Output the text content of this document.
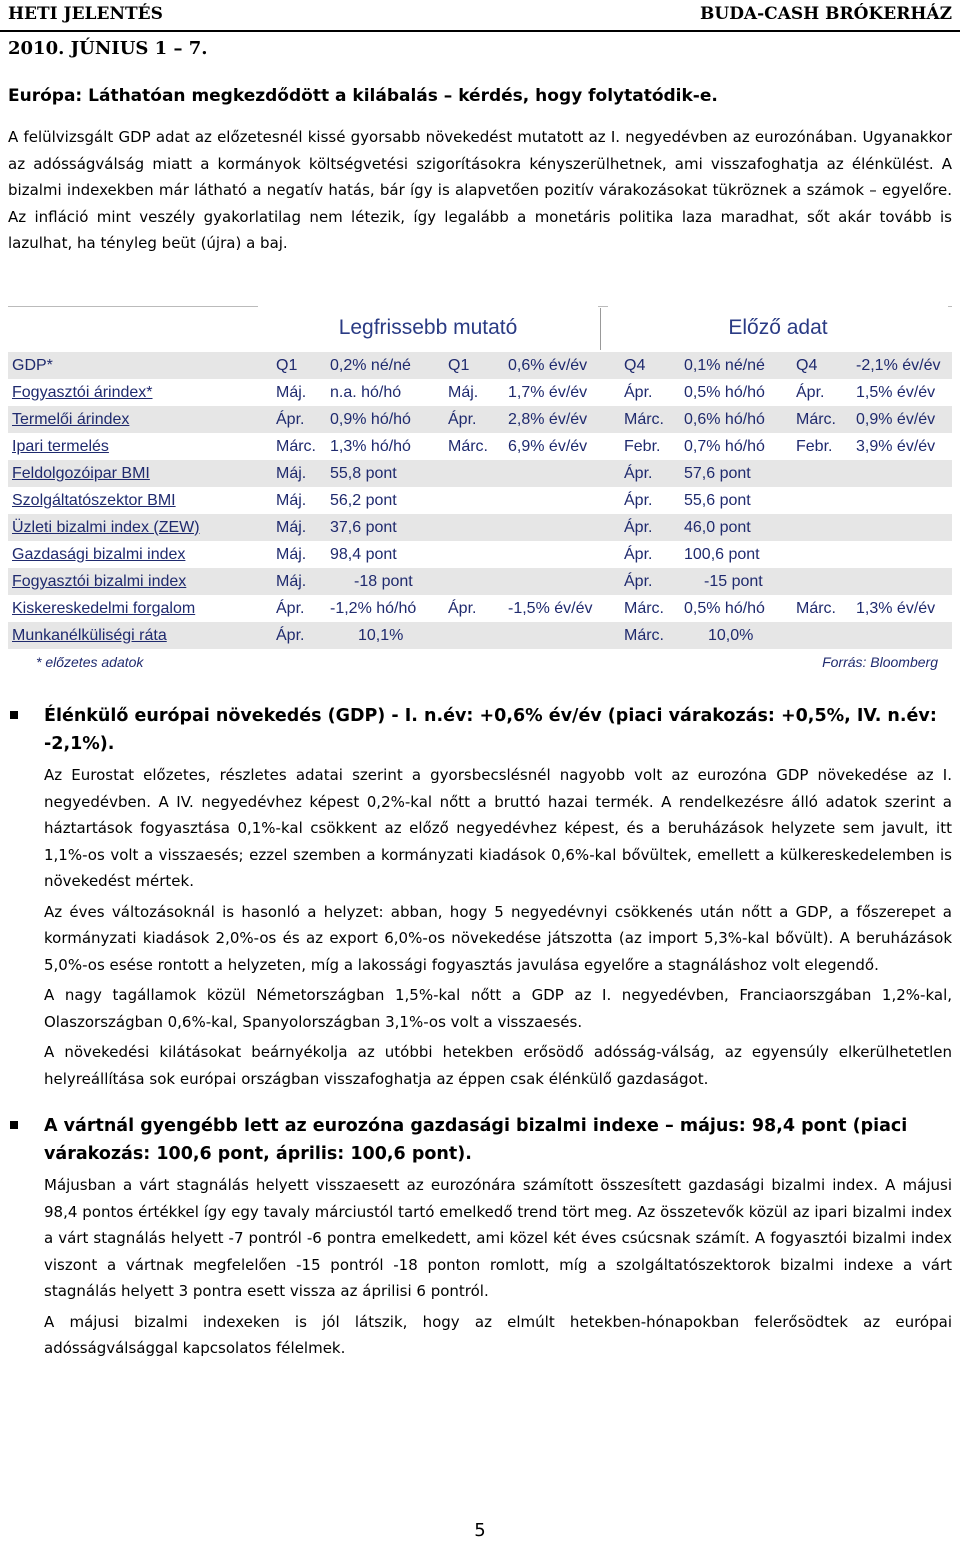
HETI JELENTÉS	BUDA-CASH BRÓKERHÁZ
2010. JÚNIUS 1 – 7.
Európa: Láthatóan megkezdődött a kilábalás – kérdés, hogy folytatódik-e.
A felülvizsgált GDP adat az előzetesnél kissé gyorsabb növekedést mutatott az I. negyedévben az eurozónában. Ugyanakkor az adósságválság miatt a kormányok költségvetési szigorításokra kényszerülhetnek, ami visszafoghatja az élénkülést. A bizalmi indexekben már látható a negatív hatás, bár így is alapvetően pozitív várakozásokat tükröznek a számok – egyelőre. Az infláció mint veszély gyakorlatilag nem létezik, így legalább a monetáris politika laza maradhat, sőt akár tovább is lazulhat, ha tényleg beüt (újra) a baj.
Legfrissebb mutató	Előző adat
GDP*	Q1 0,2% né/né Q1 0,6% év/év Q4 0,1% né/né Q4 -2,1% év/év
Fogyasztói árindex*	Máj. n.a. hó/hó	Máj. 1,7% év/év Ápr. 0,5% hó/hó Ápr. 1,5% év/év
Termelői árindex	Ápr. 0,9% hó/hó Ápr. 2,8% év/év Márc. 0,6% hó/hó Márc. 0,9% év/év
Ipari termelés	Márc. 1,3% hó/hó Márc. 6,9% év/év Febr. 0,7% hó/hó Febr. 3,9% év/év
Feldolgozóipar BMI	Máj. 55,8 pont	Ápr. 57,6 pont
Szolgáltatószektor BMI	Máj. 56,2 pont	Ápr. 55,6 pont
Üzleti bizalmi index (ZEW)	Máj. 37,6 pont	Ápr. 46,0 pont
Gazdasági bizalmi index	Máj. 98,4 pont	Ápr. 100,6 pont
Fogyasztói bizalmi index	Máj.	-18 pont	Ápr.	-15 pont
Kiskereskedelmi forgalom	Ápr. -1,2% hó/hó Ápr. -1,5% év/év Márc. 0,5% hó/hó Márc. 1,3% év/év
Munkanélküliségi ráta	Ápr.	10,1%	Márc.	10,0%
* előzetes adatok	Forrás: Bloomberg
Élénkülő európai növekedés (GDP) - I. n.év: +0,6% év/év (piaci várakozás: +0,5%, IV. n.év: -2,1%).
Az Eurostat előzetes, részletes adatai szerint a gyorsbecslésnél nagyobb volt az eurozóna GDP növekedése az I. negyedévben. A IV. negyedévhez képest 0,2%-kal nőtt a bruttó hazai termék. A rendelkezésre álló adatok szerint a háztartások fogyasztása 0,1%-kal csökkent az előző negyedévhez képest, és a beruházások helyzete sem javult, itt 1,1%-os volt a visszaesés; ezzel szemben a kormányzati kiadások 0,6%-kal bővültek, emellett a külkereskedelemben is növekedést mértek.
Az éves változásoknál is hasonló a helyzet: abban, hogy 5 negyedévnyi csökkenés után nőtt a GDP, a főszerepet a kormányzati kiadások 2,0%-os és az export 6,0%-os növekedése játszotta (az import 5,3%-kal bővült). A beruházások 5,0%-os esése rontott a helyzeten, míg a lakossági fogyasztás javulása egyelőre a stagnáláshoz volt elegendő.
A nagy tagállamok közül Németországban 1,5%-kal nőtt a GDP az I. negyedévben, Franciaorszgában 1,2%-kal, Olaszországban 0,6%-kal, Spanyolországban 3,1%-os volt a visszaesés.
A növekedési kilátásokat beárnyékolja az utóbbi hetekben erősödő adósság-válság, az egyensúly elkerülhetetlen helyreállítása sok európai országban visszafoghatja az éppen csak élénkülő gazdaságot.
A vártnál gyengébb lett az eurozóna gazdasági bizalmi indexe – május: 98,4 pont (piaci várakozás: 100,6 pont, április: 100,6 pont).
Májusban a várt stagnálás helyett visszaesett az eurozónára számított összesített gazdasági bizalmi index. A májusi 98,4 pontos értékkel így egy tavaly márciustól tartó emelkedő trend tört meg. Az összetevők közül az ipari bizalmi index a várt stagnálás helyett -7 pontról -6 pontra emelkedett, ami közel két éves csúcsnak számít. A fogyasztói bizalmi index viszont a vártnak megfelelően -15 pontról -18 ponton romlott, míg a szolgáltatószektorok bizalmi indexe a várt stagnálás helyett 3 pontra esett vissza az áprilisi 6 pontról.
A májusi bizalmi indexeken is jól látszik, hogy az elmúlt hetekben-hónapokban felerősödtek az európai adósságválsággal kapcsolatos félelmek.
5
